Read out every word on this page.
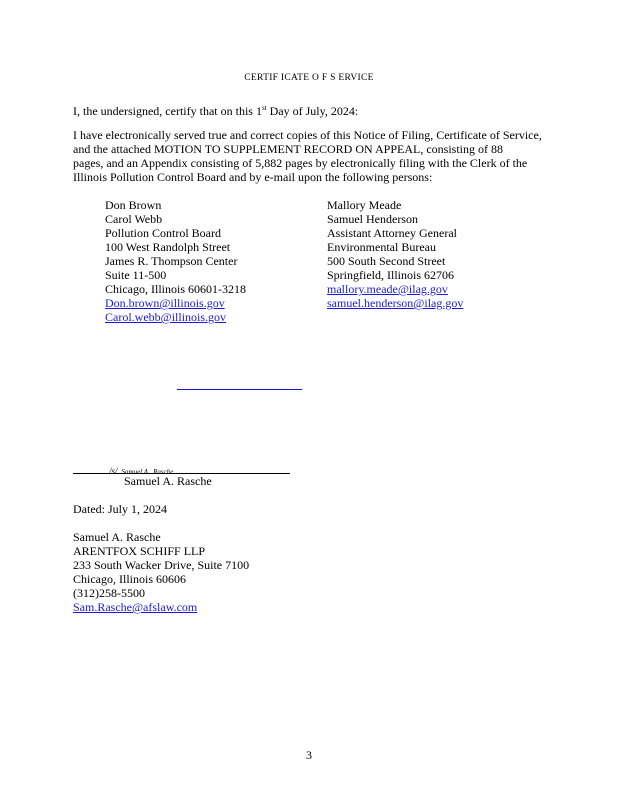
CERTIF ICATE O F S ERVICE
I, the undersigned, certify that on this 1st Day of July, 2024:
I have electronically served true and correct copies of this Notice of Filing, Certificate of Service,
and the attached MOTION TO SUPPLEMENT RECORD ON APPEAL, consisting of 88
pages, and an Appendix consisting of 5,882 pages by electronically filing with the Clerk of the
Illinois Pollution Control Board and by e-mail upon the following persons:
Don Brown
Carol Webb
Pollution Control Board
100 West Randolph Street
James R. Thompson Center
Suite 11-500
Chicago, Illinois 60601-3218
Don.brown@illinois.gov
Carol.webb@illinois.gov
Mallory Meade
Samuel Henderson
Assistant Attorney General
Environmental Bureau
500 South Second Street
Springfield, Illinois 62706
mallory.meade@ilag.gov
samuel.henderson@ilag.gov
/s/ Samuel A . Rasche
Samuel A. Rasche
Dated: July 1, 2024
Samuel A. Rasche
ARENTFOX SCHIFF LLP
233 South Wacker Drive, Suite 7100
Chicago, Illinois 60606
(312)258-5500
Sam.Rasche@afslaw.com
3
